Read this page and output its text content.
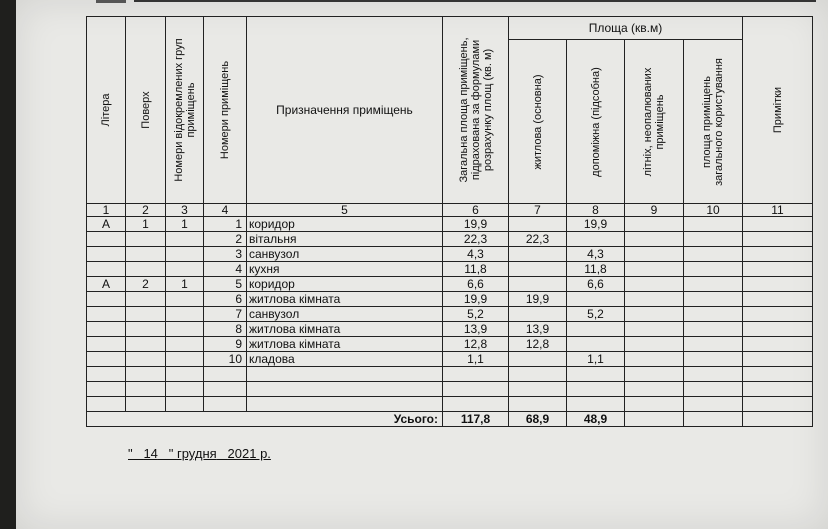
Літера	Поверх	Номери відокремлених груп приміщень	Номери приміщень	Призначення приміщень	Загальна площа приміщень, підрахована за формулами розрахунку площ (кв. м)	Площа (кв.м)				Примітки

						житлова (основна)	допоміжна (підсобна)	літніх, неопалюваних приміщень	площа приміщень загального користування	

1	2	3	4	5	6	7	8	9	10	11
А	1	1	1	коридор	19,9		19,9			
			2	вітальня	22,3	22,3				
			3	санвузол	4,3		4,3			
			4	кухня	11,8		11,8			
А	2	1	5	коридор	6,6		6,6			
			6	житлова кімната	19,9	19,9				
			7	санвузол	5,2		5,2			
			8	житлова кімната	13,9	13,9				
			9	житлова кімната	12,8	12,8				
			10	кладова	1,1		1,1			

Усього:					117,8	68,9	48,9			
"   14   " грудня 2021 р.
